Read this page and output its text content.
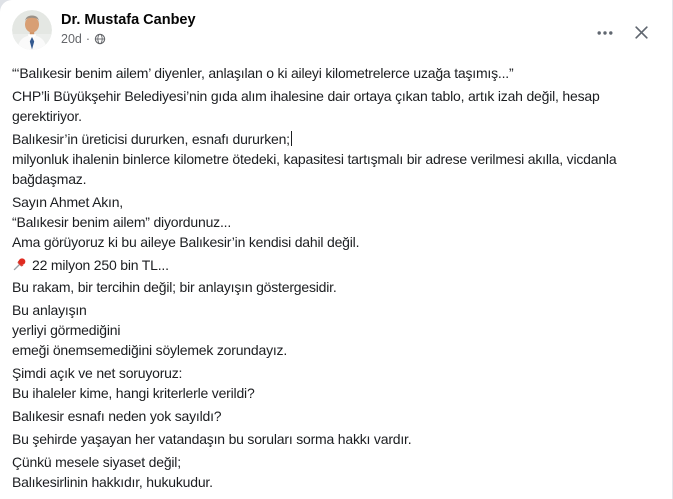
Dr. Mustafa Canbey
20d ·
“‘Balıkesir benim ailem’ diyenler, anlaşılan o ki aileyi kilometrelerce uzağa taşımış...”
CHP’li Büyükşehir Belediyesi’nin gıda alım ihalesine dair ortaya çıkan tablo, artık izah değil, hesap
gerektiriyor.
Balıkesir’in üreticisi dururken, esnafı dururken;
milyonluk ihalenin binlerce kilometre ötedeki, kapasitesi tartışmalı bir adrese verilmesi akılla, vicdanla
bağdaşmaz.
Sayın Ahmet Akın,
“Balıkesir benim ailem” diyordunuz...
Ama görüyoruz ki bu aileye Balıkesir’in kendisi dahil değil.
22 milyon 250 bin TL...
Bu rakam, bir tercihin değil; bir anlayışın göstergesidir.
Bu anlayışın
yerliyi görmediğini
emeği önemsemediğini söylemek zorundayız.
Şimdi açık ve net soruyoruz:
Bu ihaleler kime, hangi kriterlerle verildi?
Balıkesir esnafı neden yok sayıldı?
Bu şehirde yaşayan her vatandaşın bu soruları sorma hakkı vardır.
Çünkü mesele siyaset değil;
Balıkesirlinin hakkıdır, hukukudur.
